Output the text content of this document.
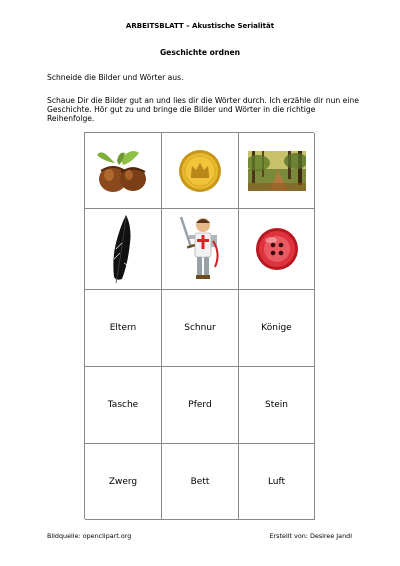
ARBEITSBLATT – Akustische Serialität
Geschichte ordnen
Schneide die Bilder und Wörter aus.
Schaue Dir die Bilder gut an und lies dir die Wörter durch. Ich erzähle dir nun eine Geschichte. Hör gut zu und bringe die Bilder und Wörter in die richtige Reihenfolge.
Eltern	Schnur	Könige
Tasche	Pferd	Stein
Zwerg	Bett	Luft
Bildquelle: openclipart.org	Erstellt von: Desiree Jandl
